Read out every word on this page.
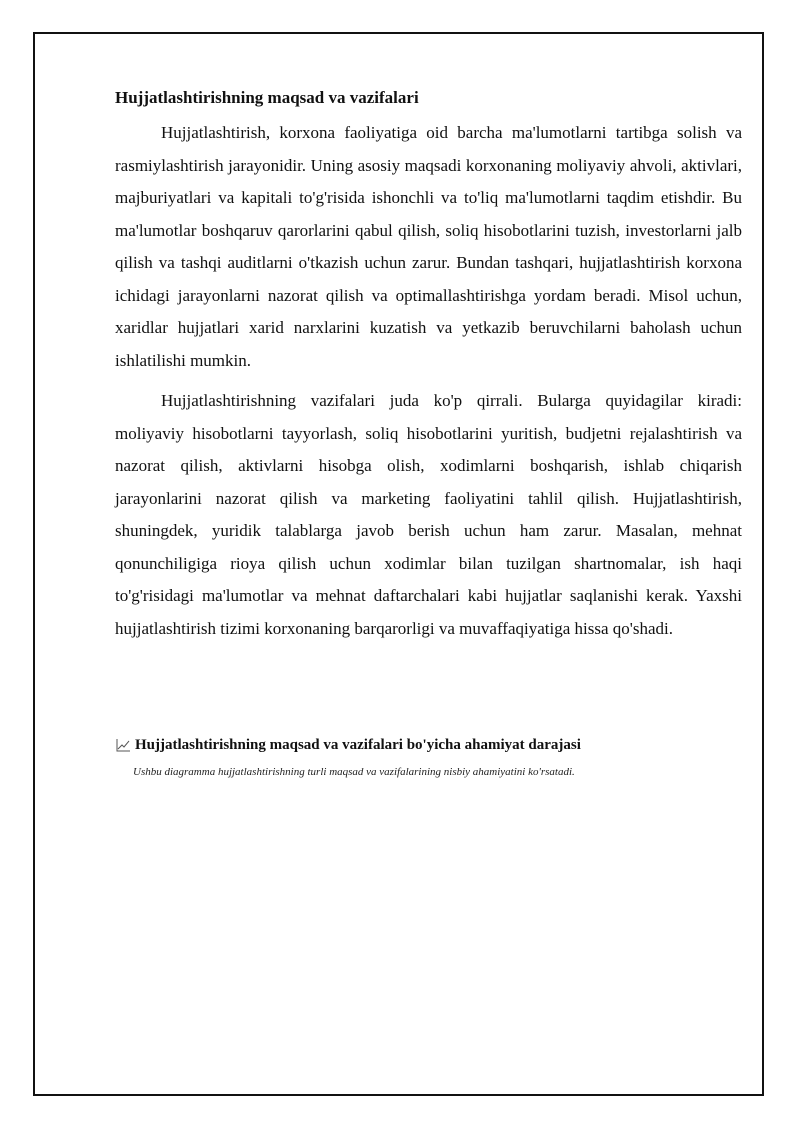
Hujjatlashtirishning maqsad va vazifalari

Hujjatlashtirish, korxona faoliyatiga oid barcha ma'lumotlarni tartibga solish va rasmiylashtirish jarayonidir. Uning asosiy maqsadi korxonaning moliyaviy ahvoli, aktivlari, majburiyatlari va kapitali to'g'risida ishonchli va to'liq ma'lumotlarni taqdim etishdir. Bu ma'lumotlar boshqaruv qarorlarini qabul qilish, soliq hisobotlarini tuzish, investorlarni jalb qilish va tashqi auditlarni o'tkazish uchun zarur. Bundan tashqari, hujjatlashtirish korxona ichidagi jarayonlarni nazorat qilish va optimallashtirishga yordam beradi. Misol uchun, xaridlar hujjatlari xarid narxlarini kuzatish va yetkazib beruvchilarni baholash uchun ishlatilishi mumkin.

Hujjatlashtirishning vazifalari juda ko'p qirrali. Bularga quyidagilar kiradi: moliyaviy hisobotlarni tayyorlash, soliq hisobotlarini yuritish, budjetni rejalashtirish va nazorat qilish, aktivlarni hisobga olish, xodimlarni boshqarish, ishlab chiqarish jarayonlarini nazorat qilish va marketing faoliyatini tahlil qilish. Hujjatlashtirish, shuningdek, yuridik talablarga javob berish uchun ham zarur. Masalan, mehnat qonunchiligiga rioya qilish uchun xodimlar bilan tuzilgan shartnomalar, ish haqi to'g'risidagi ma'lumotlar va mehnat daftarchalari kabi hujjatlar saqlanishi kerak. Yaxshi hujjatlashtirish tizimi korxonaning barqarorligi va muvaffaqiyatiga hissa qo'shadi.

Hujjatlashtirishning maqsad va vazifalari bo'yicha ahamiyat darajasi
Ushbu diagramma hujjatlashtirishning turli maqsad va vazifalarining nisbiy ahamiyatini ko'rsatadi.
